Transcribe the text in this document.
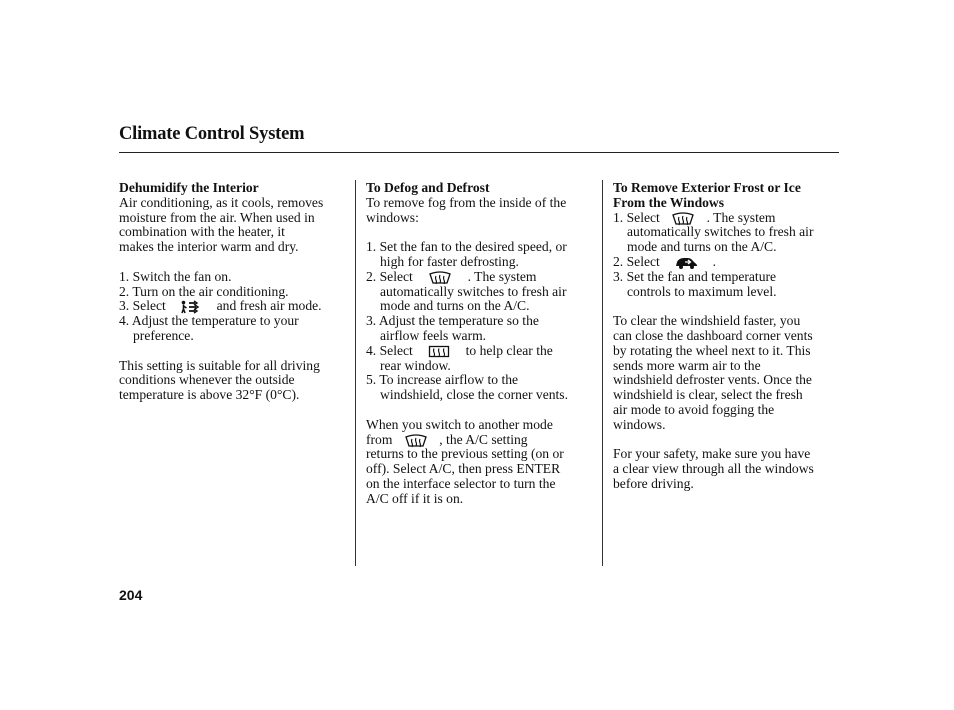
Climate Control System

Dehumidify the Interior

Air conditioning, as it cools, removes

moisture from the air. When used in

combination with the heater, it

makes the interior warm and dry.

1. Switch the fan on.

2. Turn on the air conditioning.

3. Select	and fresh air mode.

4. Adjust the temperature to your

preference.

This setting is suitable for all driving

conditions whenever the outside

temperature is above 32°F (0°C).

To Defog and Defrost

To remove fog from the inside of the

windows:

1. Set the fan to the desired speed, or

high for faster defrosting.

2. Select	. The system

automatically switches to fresh air

mode and turns on the A/C.

3. Adjust the temperature so the

airflow feels warm.

4. Select	to help clear the

rear window.

5. To increase airflow to the

windshield, close the corner vents.

When you switch to another mode

from	, the A/C setting

returns to the previous setting (on or

off). Select A/C, then press ENTER

on the interface selector to turn the

A/C off if it is on.

To Remove Exterior Frost or Ice

From the Windows

1. Select	. The system

automatically switches to fresh air

mode and turns on the A/C.

2. Select	.

3. Set the fan and temperature

controls to maximum level.

To clear the windshield faster, you

can close the dashboard corner vents

by rotating the wheel next to it. This

sends more warm air to the

windshield defroster vents. Once the

windshield is clear, select the fresh

air mode to avoid fogging the

windows.

For your safety, make sure you have

a clear view through all the windows

before driving.

204
